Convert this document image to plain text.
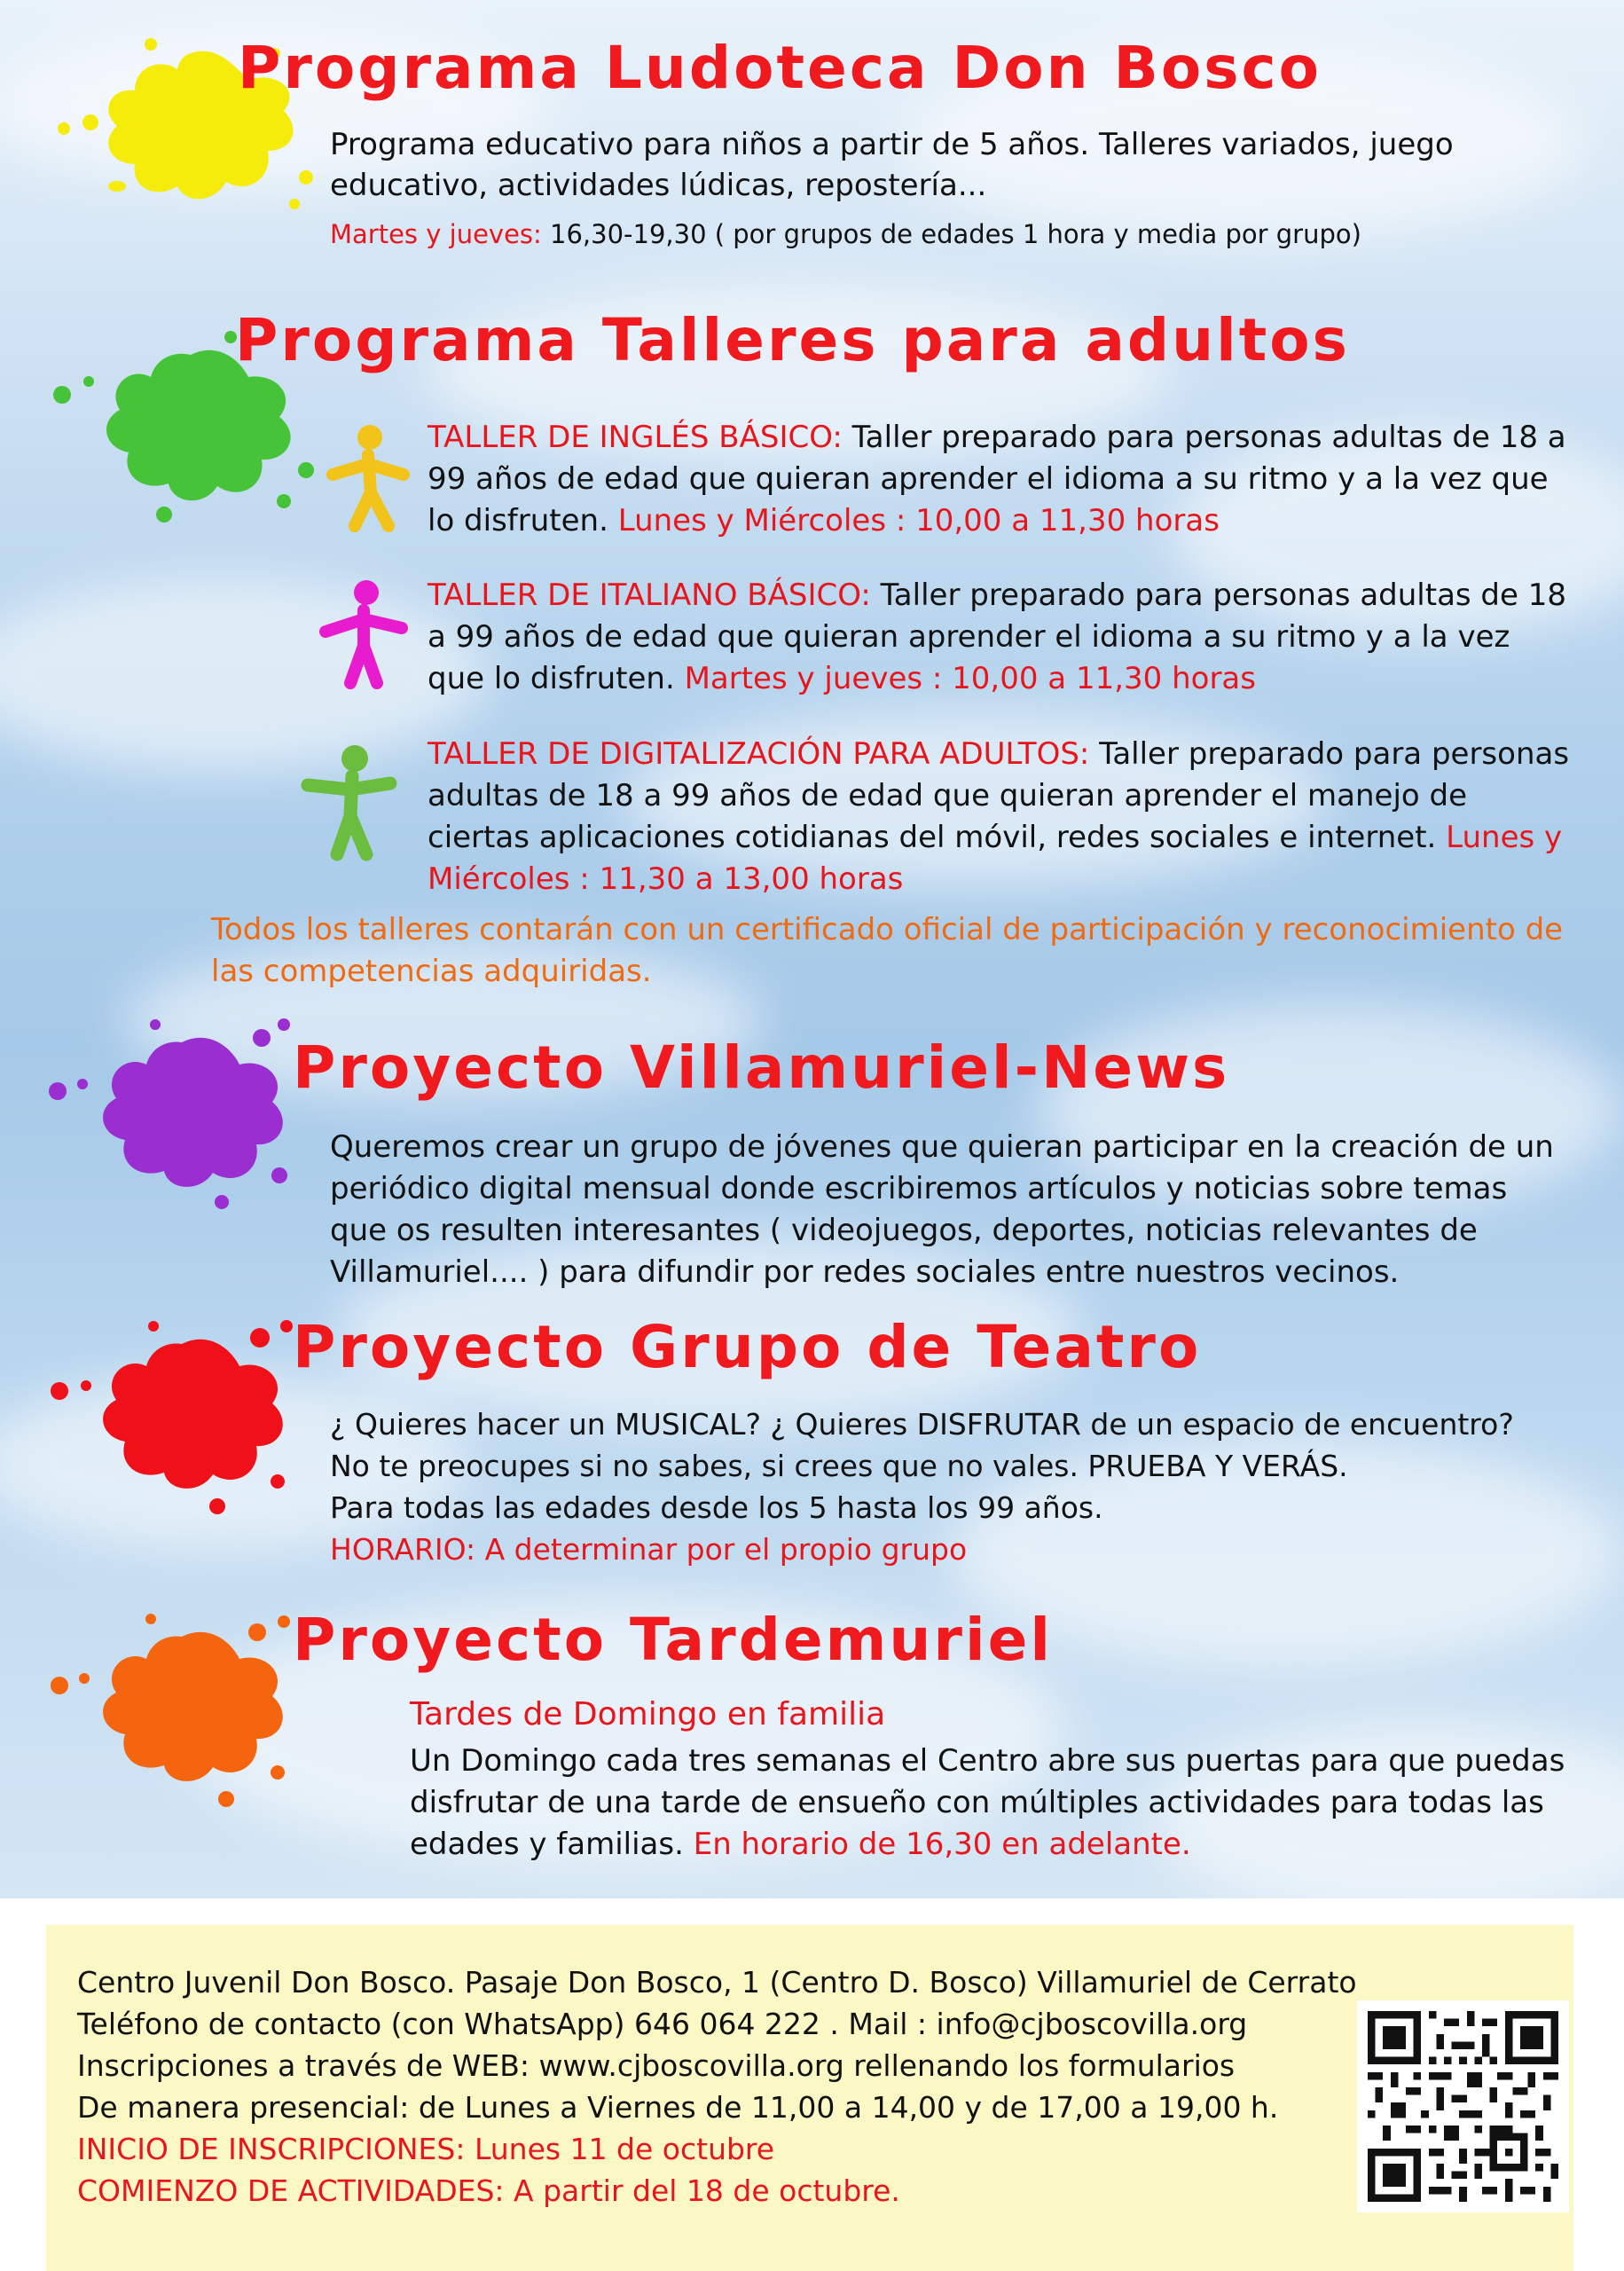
Programa Ludoteca Don Bosco

Programa educativo para niños a partir de 5 años. Talleres variados, juego educativo, actividades lúdicas, repostería...

Martes y jueves: 16,30-19,30 ( por grupos de edades 1 hora y media por grupo)

Programa Talleres para adultos

TALLER DE INGLÉS BÁSICO: Taller preparado para personas adultas de 18 a 99 años de edad que quieran aprender el idioma a su ritmo y a la vez que lo disfruten. Lunes y Miércoles : 10,00 a 11,30 horas

TALLER DE ITALIANO BÁSICO: Taller preparado para personas adultas de 18 a 99 años de edad que quieran aprender el idioma a su ritmo y a la vez que lo disfruten. Martes y jueves : 10,00 a 11,30 horas

TALLER DE DIGITALIZACIÓN PARA ADULTOS: Taller preparado para personas adultas de 18 a 99 años de edad que quieran aprender el manejo de ciertas aplicaciones cotidianas del móvil, redes sociales e internet. Lunes y Miércoles : 11,30 a 13,00 horas

Todos los talleres contarán con un certificado oficial de participación y reconocimiento de las competencias adquiridas.

Proyecto Villamuriel-News

Queremos crear un grupo de jóvenes que quieran participar en la creación de un periódico digital mensual donde escribiremos artículos y noticias sobre temas que os resulten interesantes ( videojuegos, deportes, noticias relevantes de Villamuriel.... ) para difundir por redes sociales entre nuestros vecinos.

Proyecto Grupo de Teatro

¿ Quieres hacer un MUSICAL? ¿ Quieres DISFRUTAR de un espacio de encuentro?

No te preocupes si no sabes, si crees que no vales. PRUEBA Y VERÁS.

Para todas las edades desde los 5 hasta los 99 años.

HORARIO: A determinar por el propio grupo

Proyecto Tardemuriel

Tardes de Domingo en familia

Un Domingo cada tres semanas el Centro abre sus puertas para que puedas disfrutar de una tarde de ensueño con múltiples actividades para todas las edades y familias. En horario de 16,30 en adelante.

Centro Juvenil Don Bosco. Pasaje Don Bosco, 1 (Centro D. Bosco) Villamuriel de Cerrato
Teléfono de contacto (con WhatsApp) 646 064 222 . Mail : info@cjboscovilla.org
Inscripciones a través de WEB: www.cjboscovilla.org rellenando los formularios
De manera presencial: de Lunes a Viernes de 11,00 a 14,00 y de 17,00 a 19,00 h.
INICIO DE INSCRIPCIONES: Lunes 11 de octubre
COMIENZO DE ACTIVIDADES: A partir del 18 de octubre.
